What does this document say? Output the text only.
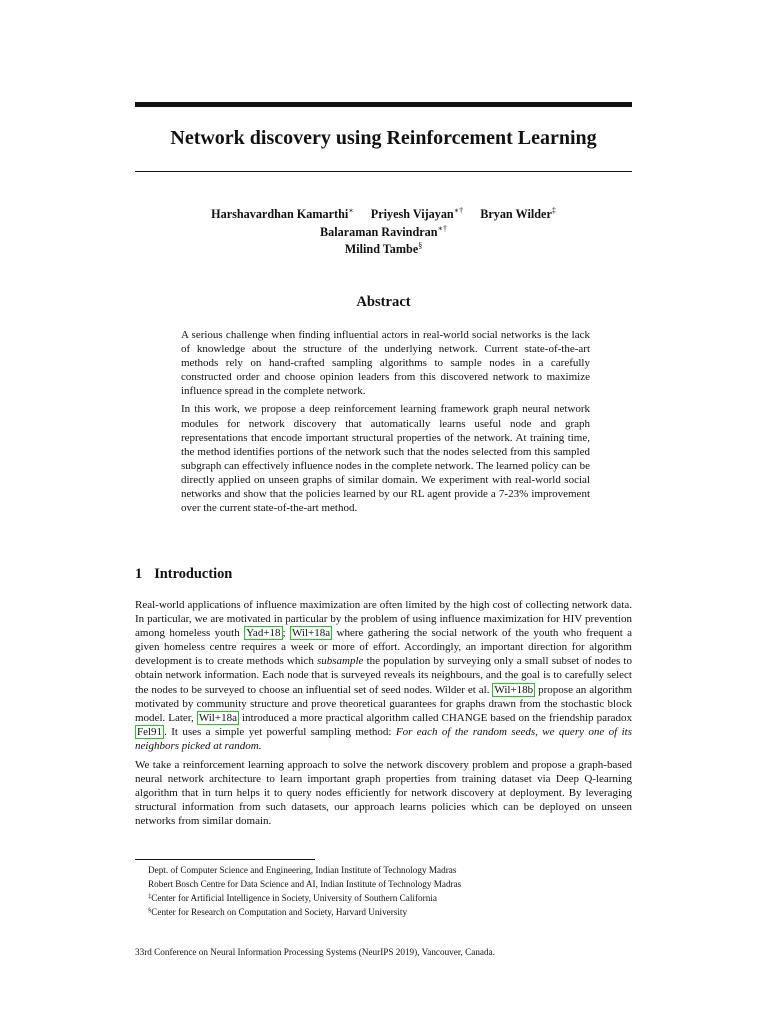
Network discovery using Reinforcement Learning
Harshavardhan Kamarthi∗ Priyesh Vijayan∗† Bryan Wilder‡ Balaraman Ravindran∗†
Milind Tambe§
Abstract

A serious challenge when finding influential actors in real-world social networks is the lack of knowledge about the structure of the underlying network. Current state-of-the-art methods rely on hand-crafted sampling algorithms to sample nodes in a carefully constructed order and choose opinion leaders from this discovered network to maximize influence spread in the complete network.

In this work, we propose a deep reinforcement learning framework graph neural network modules for network discovery that automatically learns useful node and graph representations that encode important structural properties of the network. At training time, the method identifies portions of the network such that the nodes selected from this sampled subgraph can effectively influence nodes in the complete network. The learned policy can be directly applied on unseen graphs of similar domain. We experiment with real-world social networks and show that the policies learned by our RL agent provide a 7-23% improvement over the current state-of-the-art method.

1 Introduction

Real-world applications of influence maximization are often limited by the high cost of collecting network data. In particular, we are motivated in particular by the problem of using influence maximization for HIV prevention among homeless youth Yad+18 ; Wil+18a where gathering the social network of the youth who frequent a given homeless centre requires a week or more of effort. Accordingly, an important direction for algorithm development is to create methods which subsample the population by surveying only a small subset of nodes to obtain network information. Each node that is surveyed reveals its neighbours, and the goal is to carefully select the nodes to be surveyed to choose an influential set of seed nodes. Wilder et al. Wil+18b propose an algorithm motivated by community structure and prove theoretical guarantees for graphs drawn from the stochastic block model. Later, Wil+18a introduced a more practical algorithm called CHANGE based on the friendship paradox Fel91 . It uses a simple yet powerful sampling method: For each of the random seeds, we query one of its neighbors picked at random.

We take a reinforcement learning approach to solve the network discovery problem and propose a graph-based neural network architecture to learn important graph properties from training dataset via Deep Q-learning algorithm that in turn helps it to query nodes efficiently for network discovery at deployment. By leveraging structural information from such datasets, our approach learns policies which can be deployed on unseen networks from similar domain.

Dept. of Computer Science and Engineering, Indian Institute of Technology Madras
Robert Bosch Centre for Data Science and AI, Indian Institute of Technology Madras
‡Center for Artificial Intelligence in Society, University of Southern California
§Center for Research on Computation and Society, Harvard University
33rd Conference on Neural Information Processing Systems (NeurIPS 2019), Vancouver, Canada.
